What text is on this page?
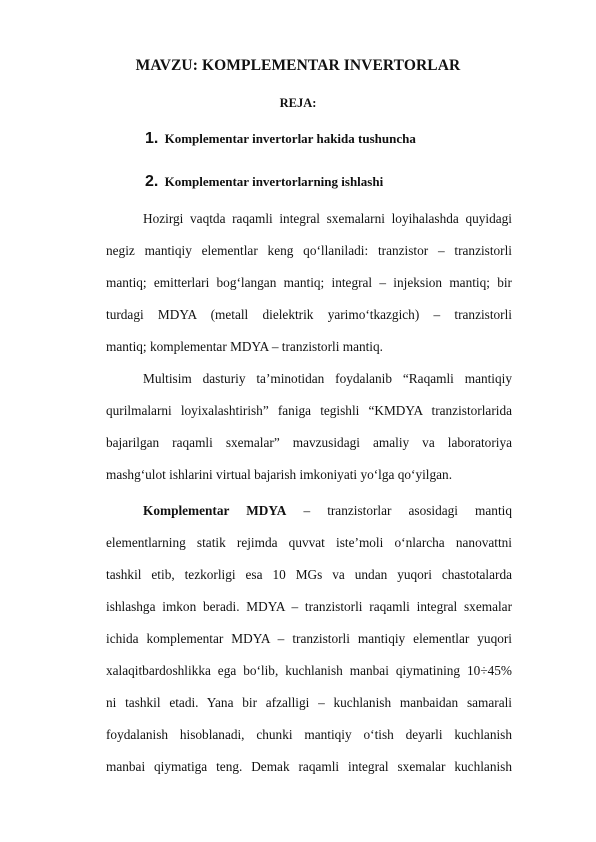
MAVZU: KOMPLEMENTAR INVERTORLAR
REJA:
1. Komplementar invertorlar hakida tushuncha
2. Komplementar invertorlarning ishlashi
Hozirgi vaqtda raqamli integral sxemalarni loyihalashda quyidagi
negiz mantiqiy elementlar keng qo‘llaniladi: tranzistor – tranzistorli
mantiq; emitterlari bog‘langan mantiq; integral – injeksion mantiq; bir
turdagi MDYA (metall dielektrik yarimo‘tkazgich) – tranzistorli
mantiq; komplementar MDYA – tranzistorli mantiq.
Multisim dasturiy ta’minotidan foydalanib “Raqamli mantiqiy
qurilmalarni loyixalashtirish” faniga tegishli “KMDYA tranzistorlarida
bajarilgan raqamli sxemalar” mavzusidagi amaliy va laboratoriya
mashg‘ulot ishlarini virtual bajarish imkoniyati yo‘lga qo‘yilgan.
Komplementar MDYA – tranzistorlar asosidagi mantiq
elementlarning statik rejimda quvvat iste’moli o‘nlarcha nanovattni
tashkil etib, tezkorligi esa 10 MGs va undan yuqori chastotalarda
ishlashga imkon beradi. MDYA – tranzistorli raqamli integral sxemalar
ichida komplementar MDYA – tranzistorli mantiqiy elementlar yuqori
xalaqitbardoshlikka ega bo‘lib, kuchlanish manbai qiymatining 10÷45%
ni tashkil etadi. Yana bir afzalligi – kuchlanish manbaidan samarali
foydalanish hisoblanadi, chunki mantiqiy o‘tish deyarli kuchlanish
manbai qiymatiga teng. Demak raqamli integral sxemalar kuchlanish
